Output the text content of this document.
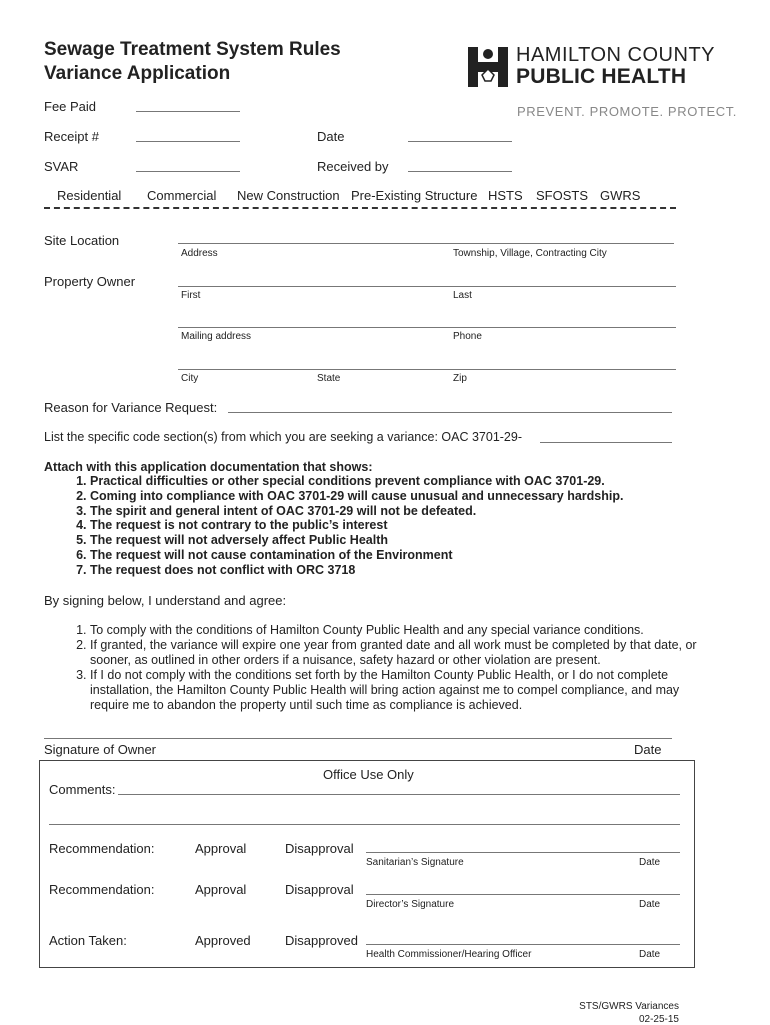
Sewage Treatment System Rules
Variance Application
HAMILTON COUNTY
PUBLIC HEALTH
PREVENT. PROMOTE. PROTECT.
Fee Paid
Receipt #	Date
SVAR	Received by
Residential Commercial New Construction Pre-Existing Structure HSTS SFOSTS GWRS
Site Location
Address	Township, Village, Contracting City
Property Owner
First	Last
Mailing address	Phone
City	State	Zip
Reason for Variance Request:
List the specific code section(s) from which you are seeking a variance: OAC 3701-29-
Attach with this application documentation that shows:
1. Practical difficulties or other special conditions prevent compliance with OAC 3701-29.
2. Coming into compliance with OAC 3701-29 will cause unusual and unnecessary hardship.
3. The spirit and general intent of OAC 3701-29 will not be defeated.
4. The request is not contrary to the public’s interest
5. The request will not adversely affect Public Health
6. The request will not cause contamination of the Environment
7. The request does not conflict with ORC 3718
By signing below, I understand and agree:
1. To comply with the conditions of Hamilton County Public Health and any special variance conditions.
2. If granted, the variance will expire one year from granted date and all work must be completed by that date, or sooner, as outlined in other orders if a nuisance, safety hazard or other violation are present.
3. If I do not comply with the conditions set forth by the Hamilton County Public Health, or I do not complete installation, the Hamilton County Public Health will bring action against me to compel compliance, and may require me to abandon the property until such time as compliance is achieved.
Signature of Owner	Date
Office Use Only
Comments:
Recommendation:	Approval	Disapproval
Sanitarian’s Signature	Date
Recommendation:	Approval	Disapproval
Director’s Signature	Date
Action Taken:	Approved	Disapproved
Health Commissioner/Hearing Officer	Date
STS/GWRS Variances
02-25-15
